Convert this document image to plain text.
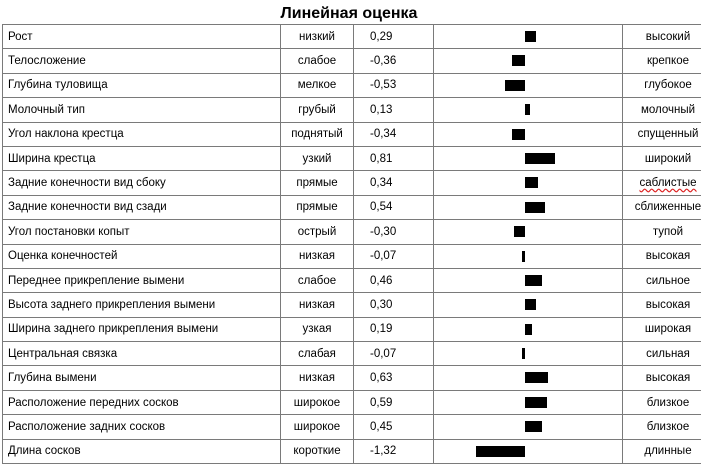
Линейная оценка
Рост	низкий	0,29		высокий
Телосложение	слабое	-0,36		крепкое
Глубина туловища	мелкое	-0,53		глубокое
Молочный тип	грубый	0,13		молочный
Угол наклона крестца	поднятый	-0,34		спущенный
Ширина крестца	узкий	0,81		широкий
Задние конечности вид сбоку	прямые	0,34		саблистые
Задние конечности вид сзади	прямые	0,54		сближенные
Угол постановки копыт	острый	-0,30		тупой
Оценка конечностей	низкая	-0,07		высокая
Переднее прикрепление вымени	слабое	0,46		сильное
Высота заднего прикрепления вымени	низкая	0,30		высокая
Ширина заднего прикрепления вымени	узкая	0,19		широкая
Центральная связка	слабая	-0,07		сильная
Глубина вымени	низкая	0,63		высокая
Расположение передних сосков	широкое	0,59		близкое
Расположение задних сосков	широкое	0,45		близкое
Длина сосков	короткие	-1,32		длинные
